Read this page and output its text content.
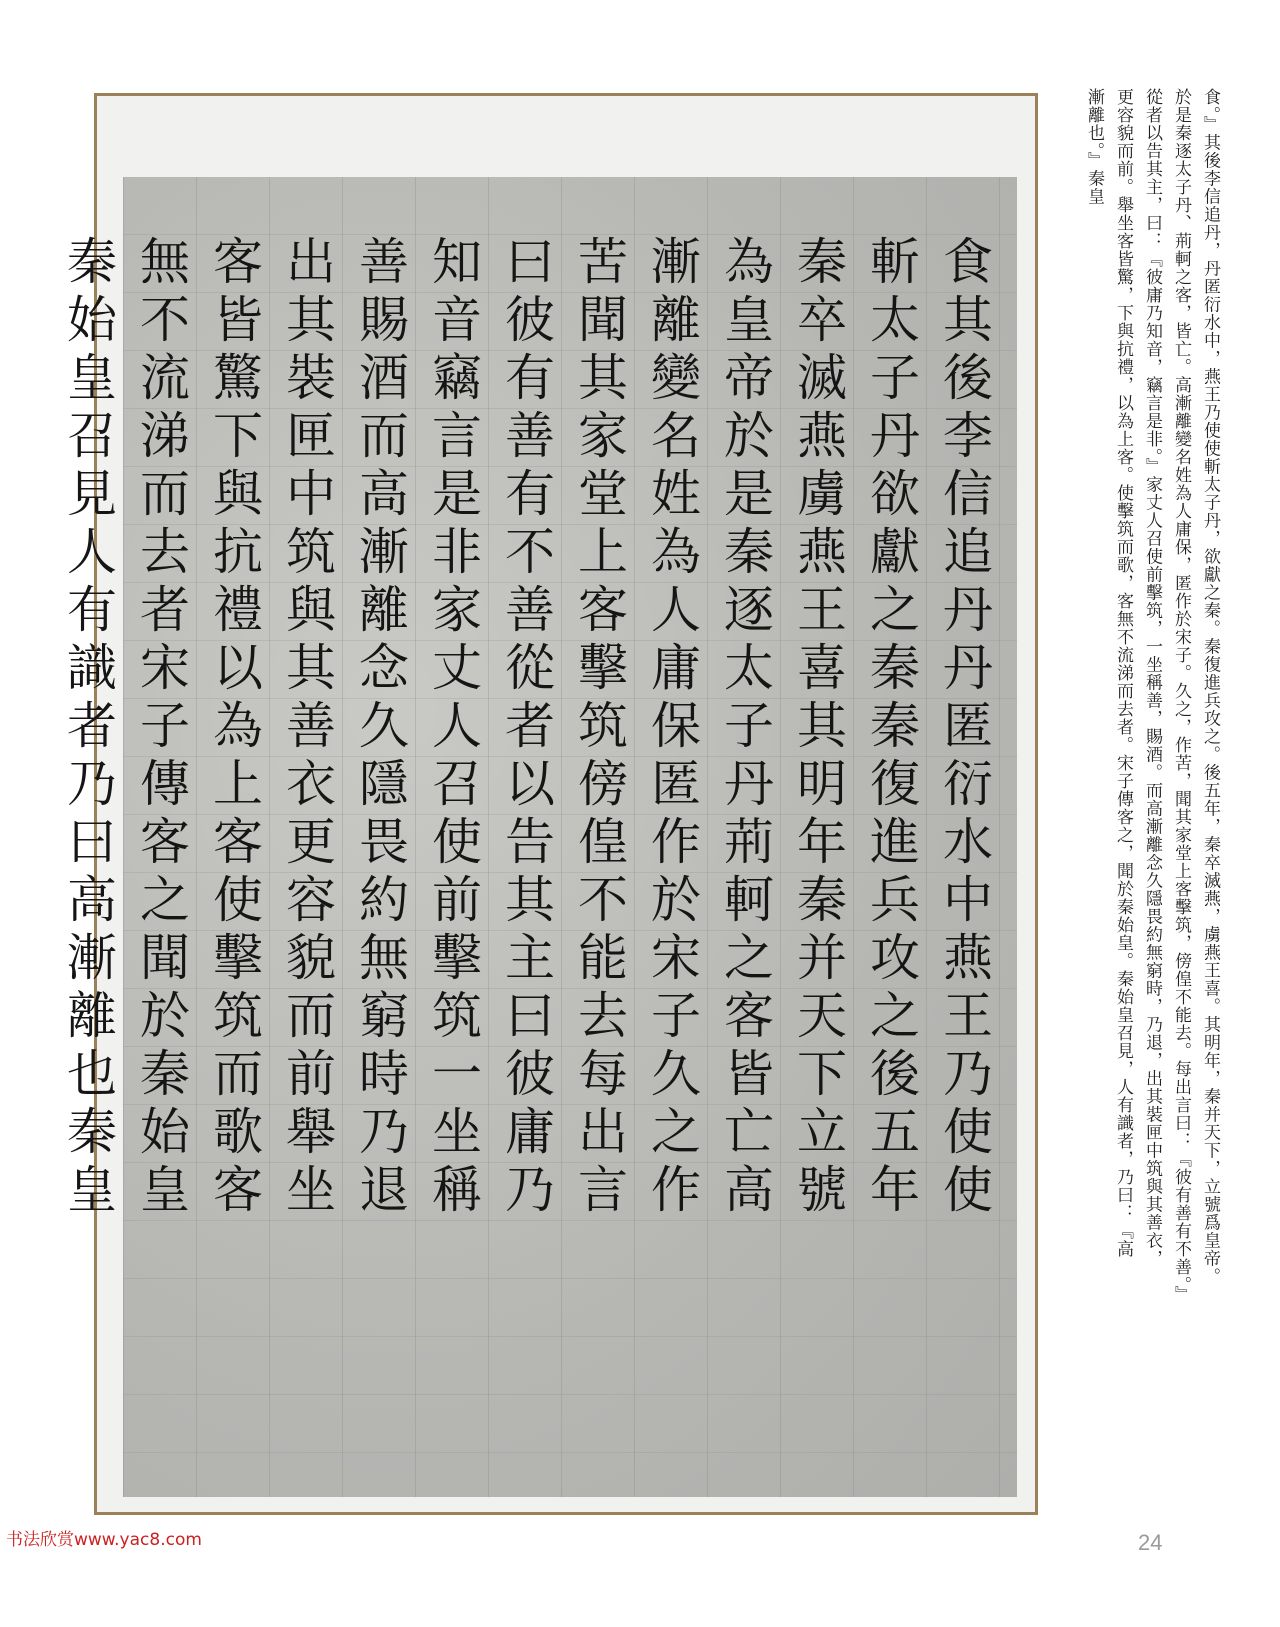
食其後李信追丹丹匿衍水中燕王乃使使
斬太子丹欲獻之秦秦復進兵攻之後五年
秦卒滅燕虜燕王喜其明年秦并天下立號
為皇帝於是秦逐太子丹荊軻之客皆亡高
漸離變名姓為人庸保匿作於宋子久之作
苦聞其家堂上客擊筑傍偟不能去每出言
曰彼有善有不善從者以告其主曰彼庸乃
知音竊言是非家丈人召使前擊筑一坐稱
善賜酒而高漸離念久隱畏約無窮時乃退
出其裝匣中筑與其善衣更容貌而前舉坐
客皆驚下與抗禮以為上客使擊筑而歌客
無不流涕而去者宋子傳客之聞於秦始皇
秦始皇召見人有識者乃曰高漸離也秦皇	食。』其後李信追丹，丹匿衍水中，燕王乃使使斬太子丹，欲獻之秦。秦復進兵攻之。後五年，秦卒滅燕，虜燕王喜。其明年，秦并天下，立號爲皇帝。
於是秦逐太子丹、荊軻之客，皆亡。高漸離變名姓為人庸保，匿作於宋子。久之，作苦，聞其家堂上客擊筑，傍偟不能去。每出言曰：『彼有善有不善。』
從者以告其主，曰：『彼庸乃知音，竊言是非。』家丈人召使前擊筑，一坐稱善，賜酒。而高漸離念久隱畏約無窮時，乃退，出其裝匣中筑與其善衣，
更容貌而前。舉坐客皆驚，下與抗禮，以為上客。使擊筑而歌，客無不流涕而去者。宋子傳客之，聞於秦始皇。秦始皇召見，人有識者，乃曰：『高
漸離也。』秦皇
书法欣赏www.yac8.com	24
